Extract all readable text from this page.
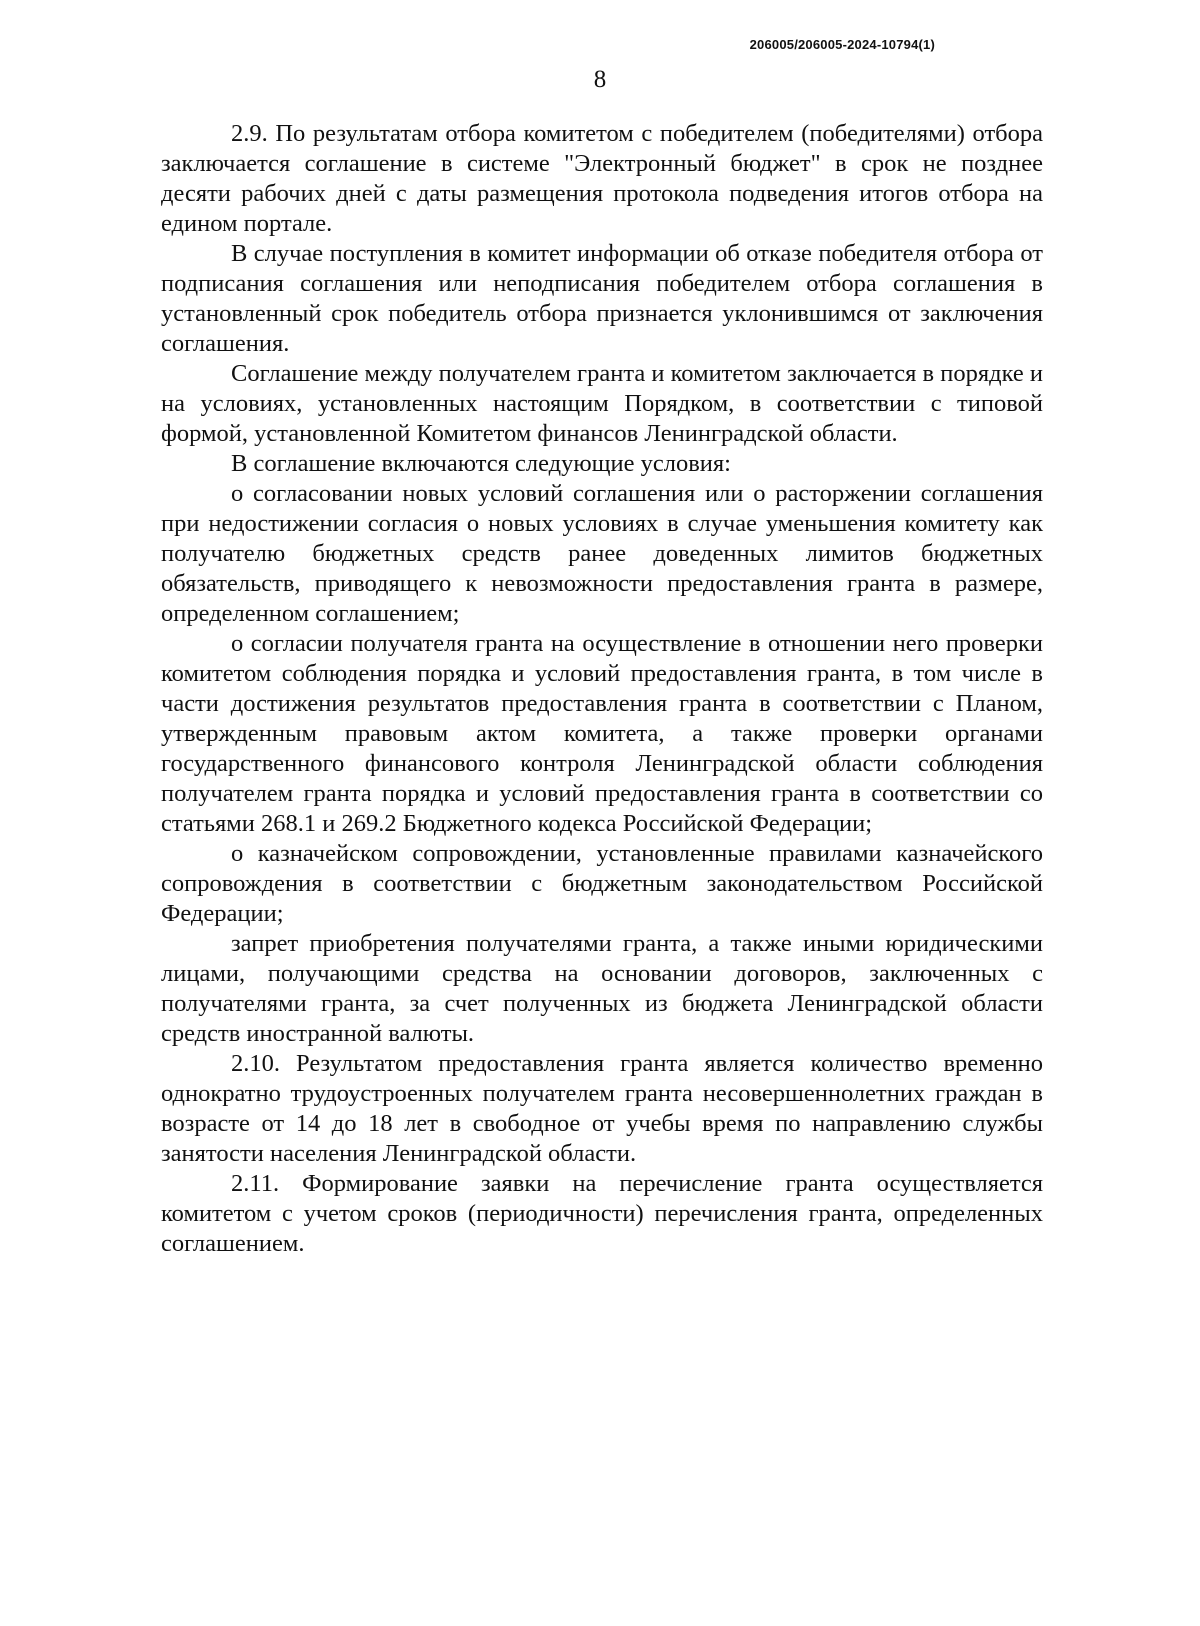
206005/206005-2024-10794(1)
8

2.9. По результатам отбора комитетом с победителем (победителями) отбора заключается соглашение в системе "Электронный бюджет" в срок не позднее десяти рабочих дней с даты размещения протокола подведения итогов отбора на едином портале.

В случае поступления в комитет информации об отказе победителя отбора от подписания соглашения или неподписания победителем отбора соглашения в установленный срок победитель отбора признается уклонившимся от заключения соглашения.

Соглашение между получателем гранта и комитетом заключается в порядке и на условиях, установленных настоящим Порядком, в соответствии с типовой формой, установленной Комитетом финансов Ленинградской области.

В соглашение включаются следующие условия:

о согласовании новых условий соглашения или о расторжении соглашения при недостижении согласия о новых условиях в случае уменьшения комитету как получателю бюджетных средств ранее доведенных лимитов бюджетных обязательств, приводящего к невозможности предоставления гранта в размере, определенном соглашением;

о согласии получателя гранта на осуществление в отношении него проверки комитетом соблюдения порядка и условий предоставления гранта, в том числе в части достижения результатов предоставления гранта в соответствии с Планом, утвержденным правовым актом комитета, а также проверки органами государственного финансового контроля Ленинградской области соблюдения получателем гранта порядка и условий предоставления гранта в соответствии со статьями 268.1 и 269.2 Бюджетного кодекса Российской Федерации;

о казначейском сопровождении, установленные правилами казначейского сопровождения в соответствии с бюджетным законодательством Российской Федерации;

запрет приобретения получателями гранта, а также иными юридическими лицами, получающими средства на основании договоров, заключенных с получателями гранта, за счет полученных из бюджета Ленинградской области средств иностранной валюты.

2.10. Результатом предоставления гранта является количество временно однократно трудоустроенных получателем гранта несовершеннолетних граждан в возрасте от 14 до 18 лет в свободное от учебы время по направлению службы занятости населения Ленинградской области.

2.11. Формирование заявки на перечисление гранта осуществляется комитетом с учетом сроков (периодичности) перечисления гранта, определенных соглашением.
